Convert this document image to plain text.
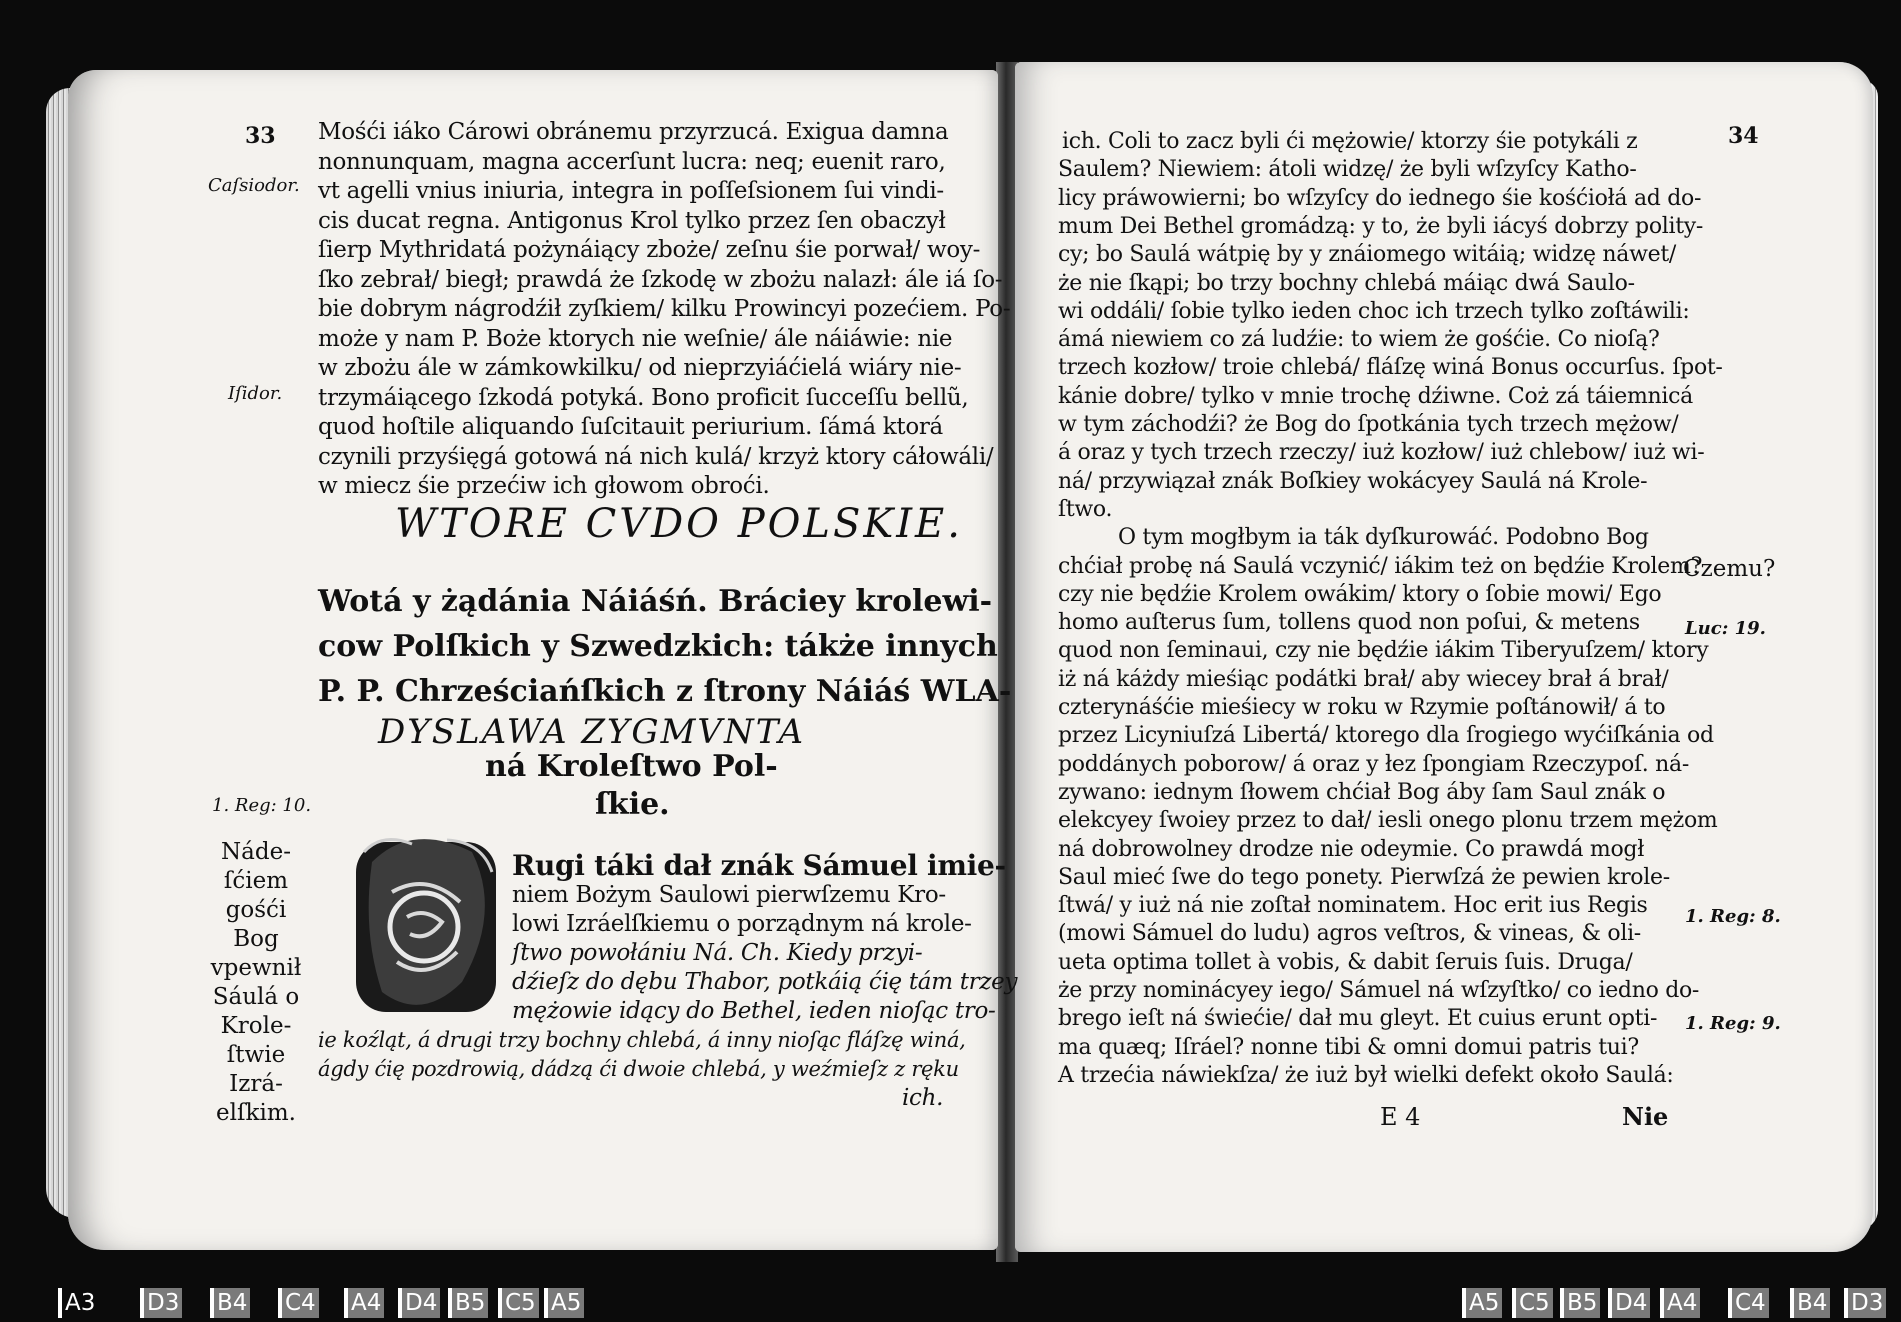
33
Caſsiodor.
Iſidor.
1. Reg: 10.
Mośći iáko Cárowi obránemu przyrzucá. Exigua damna
nonnunquam, magna accerſunt lucra: neq; euenit raro,
vt agelli vnius iniuria, integra in poſſeſsionem ſui vindi-
cis ducat regna. Antigonus Krol tylko przez ſen obaczył
ſierp Mythridatá pożynáiący zboże/ zeſnu śie porwał/ woy-
ſko zebrał/ biegł; prawdá że ſzkodę w zbożu nalazł: ále iá ſo-
bie dobrym nágrodźił zyſkiem/ kilku Prowincyi pozećiem. Po-
może y nam P. Boże ktorych nie weſnie/ ále náiáwie: nie
w zbożu ále w zámkowkilku/ od nieprzyiáćielá wiáry nie-
trzymáiącego ſzkodá potyká. Bono proficit ſucceſſu bellũ,
quod hoſtile aliquando ſuſcitauit periurium. ſámá ktorá
czynili przyśięgá gotowá ná nich kulá/ krzyż ktory cáłowáli/
w miecz śie przećiw ich głowom obroći.
WTORE CVDO POLSKIE.
Wotá y żądánia Náiáśń. Bráciey krolewi-
cow Polſkich y Szwedzkich: tákże innych
P. P. Chrześciańſkich z ſtrony Náiáś WLA-
DYSLAWA ZYGMVNTA
ná Kroleſtwo Pol-
ſkie.
Náde-
ſćiem
gośći
Bog
vpewnił
Sáulá o
Krole-
ſtwie
Izrá-
elſkim.
Rugi táki dał znák Sámuel imie-
niem Bożym Saulowi pierwſzemu Kro-
lowi Izráelſkiemu o porządnym ná krole-
ſtwo powołániu Ná. Ch. Kiedy przyi-
dźieſz do dębu Thabor, potkáią ćię tám trzey
mężowie idący do Bethel, ieden nioſąc tro-
ie koźląt, á drugi trzy bochny chlebá, á inny nioſąc fláſzę winá,
ágdy ćię pozdrowią, dádzą ći dwoie chlebá, y weźmieſz z ręku
ich.
34
Czemu?
Luc: 19.
1. Reg: 8.
1. Reg: 9.
ich. Coli to zacz byli ći mężowie/ ktorzy śie potykáli z
Saulem? Niewiem: átoli widzę/ że byli wſzyſcy Katho-
licy práwowierni; bo wſzyſcy do iednego śie kośćiołá ad do-
mum Dei Bethel gromádzą: y to, że byli iácyś dobrzy polity-
cy; bo Saulá wátpię by y znáiomego witáią; widzę náwet/
że nie ſkąpi; bo trzy bochny chlebá máiąc dwá Saulo-
wi oddáli/ ſobie tylko ieden choc ich trzech tylko zoſtáwili:
ámá niewiem co zá ludźie: to wiem że gośćie. Co nioſą?
trzech kozłow/ troie chlebá/ fláſzę winá Bonus occurſus. ſpot-
kánie dobre/ tylko v mnie trochę dźiwne. Coż zá táiemnicá
w tym záchodźi? że Bog do ſpotkánia tych trzech mężow/
á oraz y tych trzech rzeczy/ iuż kozłow/ iuż chlebow/ iuż wi-
ná/ przywiązał znák Boſkiey wokácyey Saulá ná Krole-
ſtwo.
O tym mogłbym ia ták dyſkurowáć. Podobno Bog
chćiał probę ná Saulá vczynić/ iákim też on będźie Krolem?
czy nie będźie Krolem owákim/ ktory o ſobie mowi/ Ego
homo auſterus ſum, tollens quod non poſui, & metens
quod non ſeminaui, czy nie będźie iákim Tiberyuſzem/ ktory
iż ná káżdy mieśiąc podátki brał/ aby wiecey brał á brał/
czterynáśćie mieśiecy w roku w Rzymie poſtánowił/ á to
przez Licyniuſzá Libertá/ ktorego dla ſrogiego wyćiſkánia od
poddánych poborow/ á oraz y łez ſpongiam Rzeczypoſ. ná-
zywano: iednym ſłowem chćiał Bog áby ſam Saul znák o
elekcyey ſwoiey przez to dał/ iesli onego plonu trzem mężom
ná dobrowolney drodze nie odeymie. Co prawdá mogł
Saul mieć ſwe do tego ponety. Pierwſzá że pewien krole-
ſtwá/ y iuż ná nie zoſtał nominatem. Hoc erit ius Regis
(mowi Sámuel do ludu) agros veſtros, & vineas, & oli-
ueta optima tollet à vobis, & dabit ſeruis ſuis. Druga/
że przy nominácyey iego/ Sámuel ná wſzyſtko/ co iedno do-
brego ieſt ná świećie/ dał mu gleyt. Et cuius erunt opti-
ma quæq; Iſráel? nonne tibi & omni domui patris tui?
A trzećia náwiekſza/ że iuż był wielki defekt około Saulá:
E 4	Nie
A3	D3	B4	C4	A4	D4 B5 C5 A5	A5 C5 B5 D4 A4	C4	B4	D3
